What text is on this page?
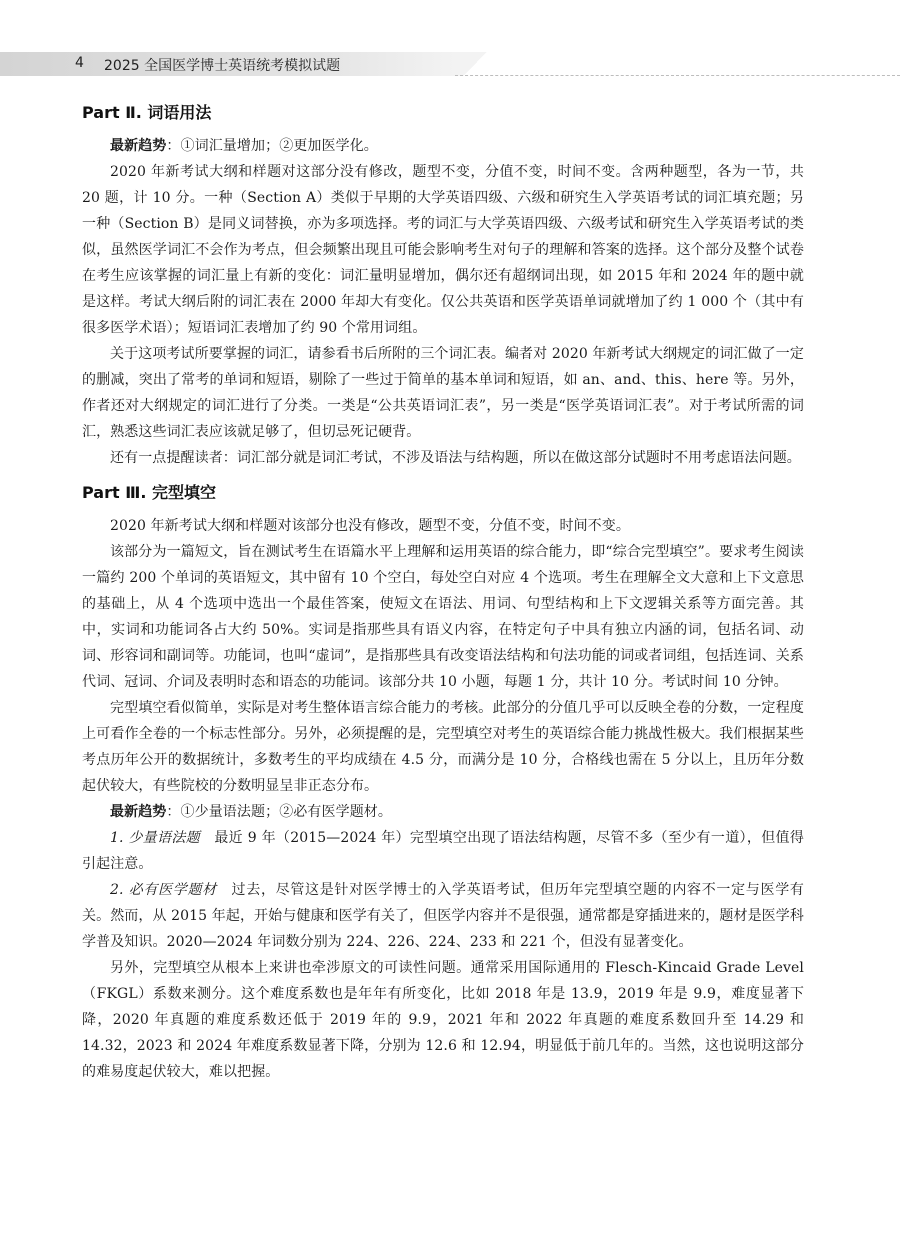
4 2025 全国医学博士英语统考模拟试题
Part Ⅱ. 词语用法

最新趋势：①词汇量增加；②更加医学化。

2020 年新考试大纲和样题对这部分没有修改，题型不变，分值不变，时间不变。含两种题型，各为一节，共 20 题，计 10 分。一种（Section A）类似于早期的大学英语四级、六级和研究生入学英语考试的词汇填充题；另一种（Section B）是同义词替换，亦为多项选择。考的词汇与大学英语四级、六级考试和研究生入学英语考试的类似，虽然医学词汇不会作为考点，但会频繁出现且可能会影响考生对句子的理解和答案的选择。这个部分及整个试卷在考生应该掌握的词汇量上有新的变化：词汇量明显增加，偶尔还有超纲词出现，如 2015 年和 2024 年的题中就是这样。考试大纲后附的词汇表在 2000 年却大有变化。仅公共英语和医学英语单词就增加了约 1 000 个（其中有很多医学术语）；短语词汇表增加了约 90 个常用词组。

关于这项考试所要掌握的词汇，请参看书后所附的三个词汇表。编者对 2020 年新考试大纲规定的词汇做了一定的删减，突出了常考的单词和短语，剔除了一些过于简单的基本单词和短语，如 an、and、this、here 等。另外，作者还对大纲规定的词汇进行了分类。一类是“公共英语词汇表”，另一类是“医学英语词汇表”。对于考试所需的词汇，熟悉这些词汇表应该就足够了，但切忌死记硬背。

还有一点提醒读者：词汇部分就是词汇考试，不涉及语法与结构题，所以在做这部分试题时不用考虑语法问题。

Part Ⅲ. 完型填空

2020 年新考试大纲和样题对该部分也没有修改，题型不变，分值不变，时间不变。

该部分为一篇短文，旨在测试考生在语篇水平上理解和运用英语的综合能力，即“综合完型填空”。要求考生阅读一篇约 200 个单词的英语短文，其中留有 10 个空白，每处空白对应 4 个选项。考生在理解全文大意和上下文意思的基础上，从 4 个选项中选出一个最佳答案，使短文在语法、用词、句型结构和上下文逻辑关系等方面完善。其中，实词和功能词各占大约 50%。实词是指那些具有语义内容，在特定句子中具有独立内涵的词，包括名词、动词、形容词和副词等。功能词，也叫“虚词”，是指那些具有改变语法结构和句法功能的词或者词组，包括连词、关系代词、冠词、介词及表明时态和语态的功能词。该部分共 10 小题，每题 1 分，共计 10 分。考试时间 10 分钟。

完型填空看似简单，实际是对考生整体语言综合能力的考核。此部分的分值几乎可以反映全卷的分数，一定程度上可看作全卷的一个标志性部分。另外，必须提醒的是，完型填空对考生的英语综合能力挑战性极大。我们根据某些考点历年公开的数据统计，多数考生的平均成绩在 4.5 分，而满分是 10 分，合格线也需在 5 分以上，且历年分数起伏较大，有些院校的分数明显呈非正态分布。

最新趋势：①少量语法题；②必有医学题材。

1. 少量语法题　最近 9 年（2015—2024 年）完型填空出现了语法结构题，尽管不多（至少有一道），但值得引起注意。

2. 必有医学题材　过去，尽管这是针对医学博士的入学英语考试，但历年完型填空题的内容不一定与医学有关。然而，从 2015 年起，开始与健康和医学有关了，但医学内容并不是很强，通常都是穿插进来的，题材是医学科学普及知识。2020—2024 年词数分别为 224、226、224、233 和 221 个，但没有显著变化。

另外，完型填空从根本上来讲也牵涉原文的可读性问题。通常采用国际通用的 Flesch-Kincaid Grade Level（FKGL）系数来测分。这个难度系数也是年年有所变化，比如 2018 年是 13.9，2019 年是 9.9，难度显著下降，2020 年真题的难度系数还低于 2019 年的 9.9，2021 年和 2022 年真题的难度系数回升至 14.29 和 14.32，2023 和 2024 年难度系数显著下降，分别为 12.6 和 12.94，明显低于前几年的。当然，这也说明这部分的难易度起伏较大，难以把握。
